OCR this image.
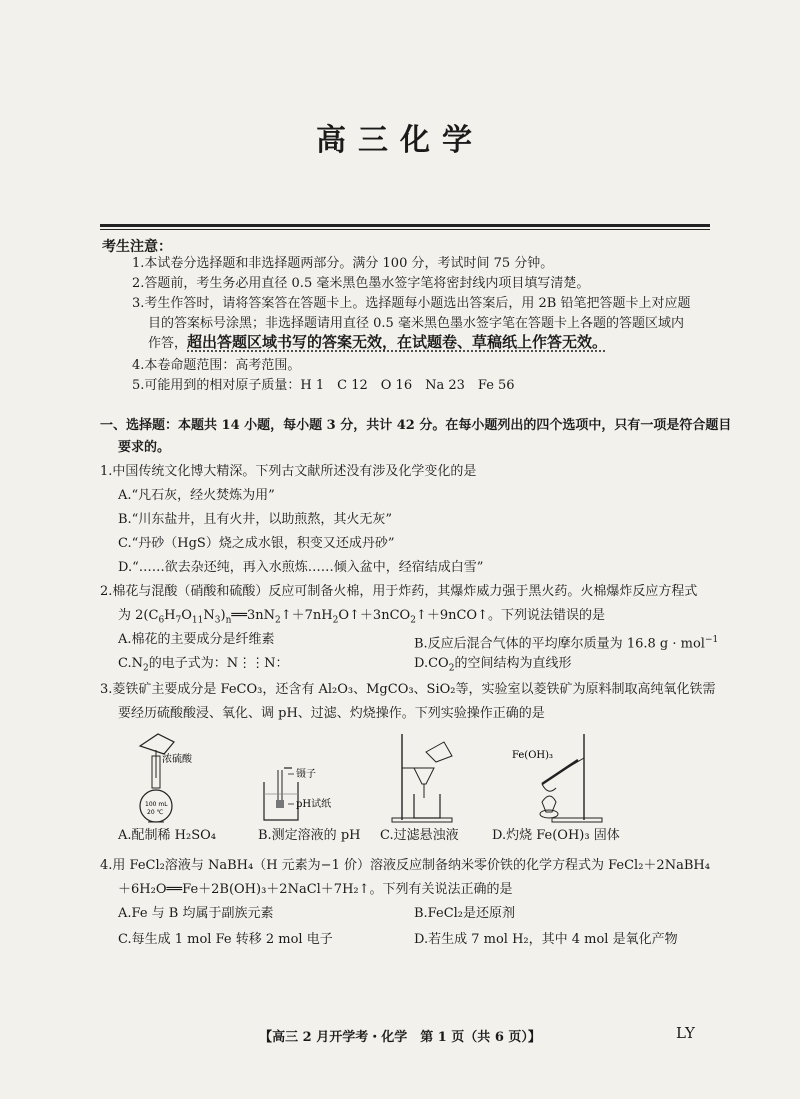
高三化学
考生注意：
1.本试卷分选择题和非选择题两部分。满分 100 分，考试时间 75 分钟。
2.答题前，考生务必用直径 0.5 毫米黑色墨水签字笔将密封线内项目填写清楚。
3.考生作答时，请将答案答在答题卡上。选择题每小题选出答案后，用 2B 铅笔把答题卡上对应题
目的答案标号涂黑；非选择题请用直径 0.5 毫米黑色墨水签字笔在答题卡上各题的答题区域内
作答，超出答题区域书写的答案无效，在试题卷、草稿纸上作答无效。
4.本卷命题范围：高考范围。
5.可能用到的相对原子质量：H 1　C 12　O 16　Na 23　Fe 56
一、选择题：本题共 14 小题，每小题 3 分，共计 42 分。在每小题列出的四个选项中，只有一项是符合题目
要求的。
1.中国传统文化博大精深。下列古文献所述没有涉及化学变化的是
A.“凡石灰，经火焚炼为用”
B.“川东盐井，且有火井，以助煎熬，其火无灰”
C.“丹砂（HgS）烧之成水银，积变又还成丹砂”
D.“……欲去杂还纯，再入水煎炼……倾入盆中，经宿结成白雪”
2.棉花与混酸（硝酸和硫酸）反应可制备火棉，用于炸药，其爆炸威力强于黑火药。火棉爆炸反应方程式
为 $2(C_6H_7O_{11}N_3)_n══3nN_2↑+7nH_2O↑+3nCO_2↑+9nCO↑$。下列说法错误的是
A.棉花的主要成分是纤维素	B.反应后混合气体的平均摩尔质量为 16.8 g · mol$^{-1}$
$C.N_2$的电子式为：N⋮⋮N：	$D.CO_2$的空间结构为直线形
3.菱铁矿主要成分是 FeCO₃，还含有 Al₂O₃、MgCO₃、SiO₂等，实验室以菱铁矿为原料制取高纯氧化铁需
要经历硫酸酸浸、氧化、调 pH、过滤、灼烧操作。下列实验操作正确的是
浓硫酸
100 mL
20 ℃
镊子
pH试纸
Fe(OH)₃
A.配制稀 H₂SO₄	B.测定溶液的 pH C.过滤悬浊液	D.灼烧 Fe(OH)₃ 固体
4.用 FeCl₂溶液与 NaBH₄（H 元素为−1 价）溶液反应制备纳米零价铁的化学方程式为 FeCl₂＋2NaBH₄
＋6H₂O══Fe＋2B(OH)₃＋2NaCl＋7H₂↑。下列有关说法正确的是
A.Fe 与 B 均属于副族元素	B.FeCl₂是还原剂
C.每生成 1 mol Fe 转移 2 mol 电子	D.若生成 7 mol H₂，其中 4 mol 是氧化产物
【高三 2 月开学考・化学　第 1 页（共 6 页）】	LY
